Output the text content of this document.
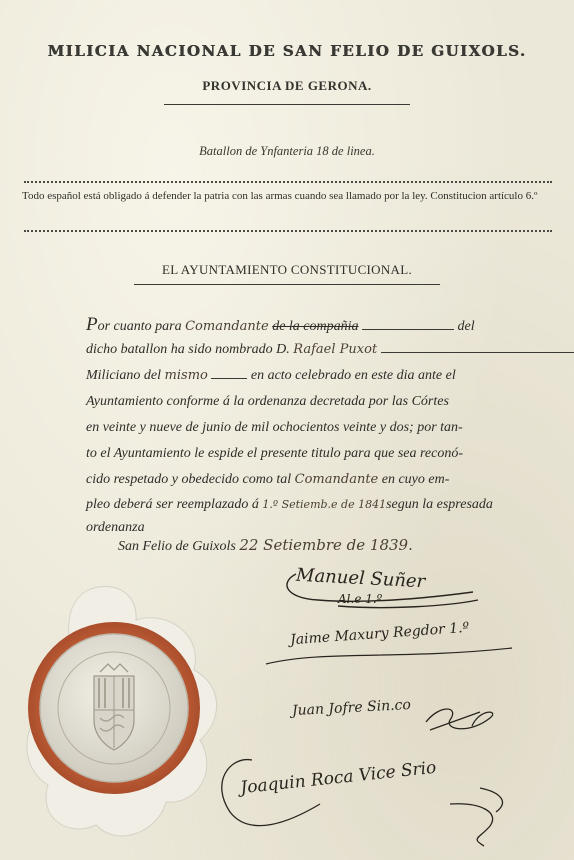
MILICIA NACIONAL DE SAN FELIO DE GUIXOLS.
PROVINCIA DE GERONA.
Batallon de Ynfanteria 18 de linea.
Todo español está obligado á defender la patria con las armas cuando sea llamado por la ley. Constitucion artículo 6.º
EL AYUNTAMIENTO CONSTITUCIONAL.
Por cuanto para Comandante de la compañia	del
dicho batallon ha sido nombrado D. Rafael Puxot
Miliciano del mismo	en acto celebrado en este dia ante el
Ayuntamiento conforme á la ordenanza decretada por las Córtes
en veinte y nueve de junio de mil ochocientos veinte y dos; por tan-
to el Ayuntamiento le espide el presente titulo para que sea reconó-
cido respetado y obedecido como tal Comandante en cuyo em-
pleo deberá ser reemplazado á 1.º Setiemb.e de 1841segun la espresada
ordenanza
San Felio de Guixols 22 Setiembre de 1839.
Manuel Suñer
Al.e 1.º
Jaime Maxury Regdor 1.º
Juan Jofre Sin.co
Joaquin Roca Vice Srio
